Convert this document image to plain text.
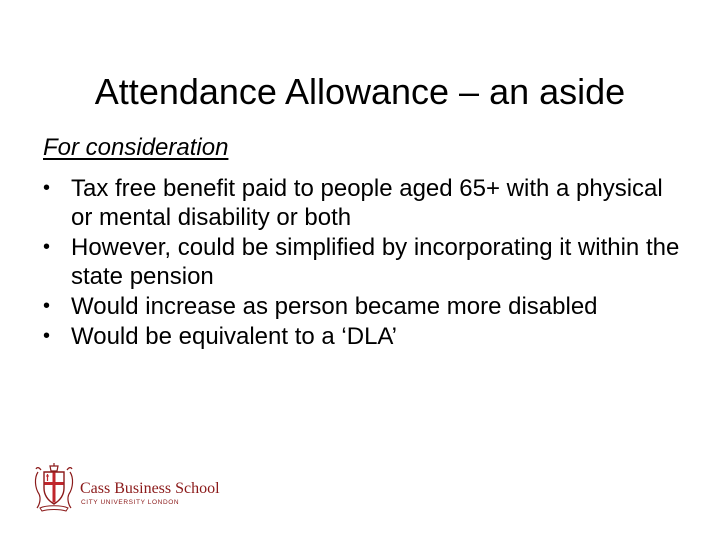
Attendance Allowance – an aside
For consideration
• Tax free benefit paid to people aged 65+ with a physical or mental disability or both
• However, could be simplified by incorporating it within the state pension
• Would increase as person became more disabled
• Would be equivalent to a ‘DLA’
Cass Business School
CITY UNIVERSITY LONDON
